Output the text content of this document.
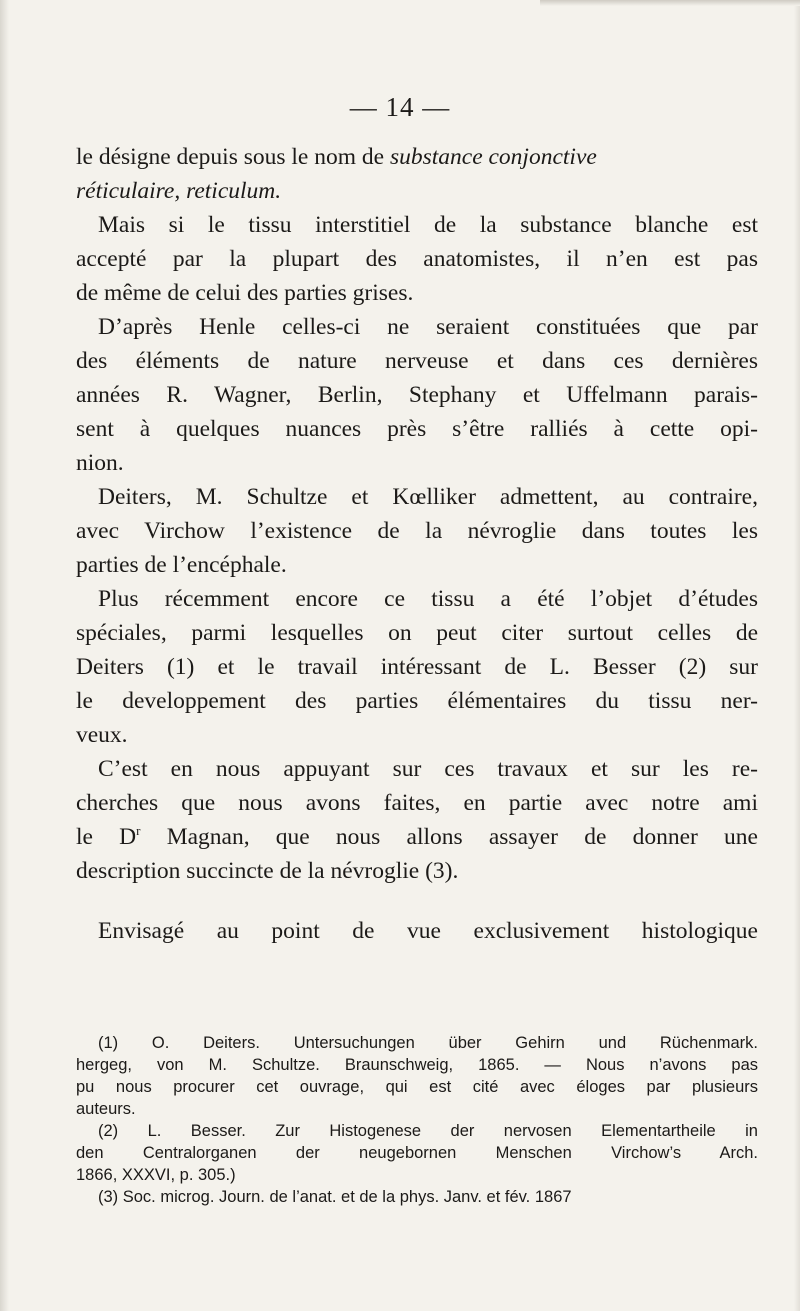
— 14 —

le désigne depuis sous le nom de substance conjonctive

réticulaire, reticulum.

Mais si le tissu interstitiel de la substance blanche est

accepté par la plupart des anatomistes, il n’en est pas

de même de celui des parties grises.

D’après Henle celles-ci ne seraient constituées que par

des éléments de nature nerveuse et dans ces dernières

années R. Wagner, Berlin, Stephany et Uffelmann parais-

sent à quelques nuances près s’être ralliés à cette opi-

nion.

Deiters, M. Schultze et Kœlliker admettent, au contraire,

avec Virchow l’existence de la névroglie dans toutes les

parties de l’encéphale.

Plus récemment encore ce tissu a été l’objet d’études

spéciales, parmi lesquelles on peut citer surtout celles de

Deiters (1) et le travail intéressant de L. Besser (2) sur

le developpement des parties élémentaires du tissu ner-

veux.

C’est en nous appuyant sur ces travaux et sur les re-

cherches que nous avons faites, en partie avec notre ami

le $D^r$ Magnan, que nous allons assayer de donner une

description succincte de la névroglie (3).

Envisagé au point de vue exclusivement histologique

(1) O. Deiters. Untersuchungen über Gehirn und Rüchenmark.

herg​eg, von M. Schultze. Braunschweig, 1865. — Nous n’avons pas

pu nous procurer cet ouvrage, qui est cité avec éloges par plusieurs

auteurs.

(2) L. Besser. Zur Histogenese der nervosen Elementartheile in

den Centralorganen der neugebornen Menschen Virchow’s Arch.

1866, XXXVI, p. 305.)

(3) Soc. microg. Journ. de l’anat. et de la phys. Janv. et fév. 1867
